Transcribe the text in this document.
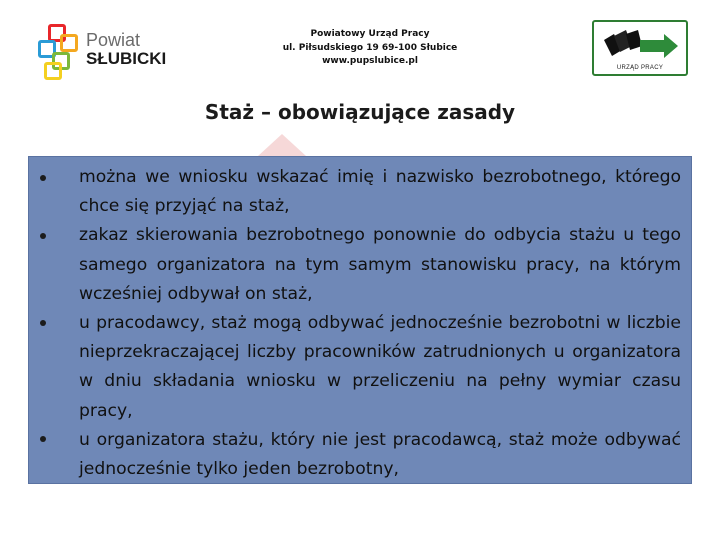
Powiat
SŁUBICKI
Powiatowy Urząd Pracy
ul. Piłsudskiego 19 69-100 Słubice
www.pupslubice.pl
URZĄD PRACY
Staż – obowiązujące zasady

można we wniosku wskazać imię i nazwisko bezrobotnego, którego chce się przyjąć na staż,

zakaz skierowania bezrobotnego ponownie do odbycia stażu u tego samego organizatora na tym samym stanowisku pracy, na którym wcześniej odbywał on staż,

u pracodawcy, staż mogą odbywać jednocześnie bezrobotni w liczbie nieprzekraczającej liczby pracowników zatrudnionych u organizatora w dniu składania wniosku w przeliczeniu na pełny wymiar czasu pracy,

u organizatora stażu, który nie jest pracodawcą, staż może odbywać jednocześnie tylko jeden bezrobotny,
